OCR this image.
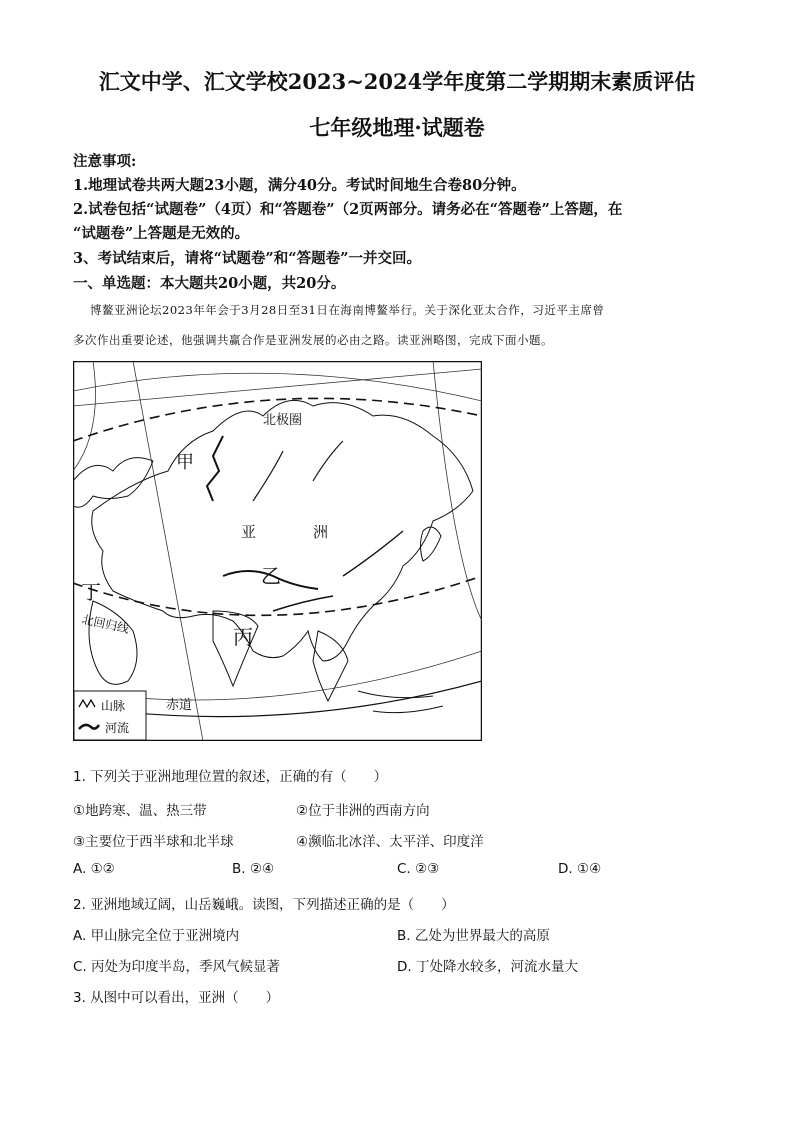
汇文中学、汇文学校2023~2024学年度第二学期期末素质评估
七年级地理·试题卷
注意事项:
1.地理试卷共两大题23小题，满分40分。考试时间地生合卷80分钟。
2.试卷包括“试题卷”（4页）和“答题卷”（2页两部分。请务必在“答题卷”上答题，在
“试题卷”上答题是无效的。
3、考试结束后，请将“试题卷”和“答题卷”一并交回。
一、单选题：本大题共20小题，共20分。
博鳌亚洲论坛2023年年会于3月28日至31日在海南博鳌举行。关于深化亚太合作，习近平主席曾
多次作出重要论述，他强调共赢合作是亚洲发展的必由之路。读亚洲略图，完成下面小题。
北极圈
甲
亚	洲
乙
丁
北回归线
丙
赤道
山脉
河流
1. 下列关于亚洲地理位置的叙述，正确的有（　　）
①地跨寒、温、热三带	②位于非洲的西南方向
③主要位于西半球和北半球	④濒临北冰洋、太平洋、印度洋
A. ①②	B. ②④	C. ②③	D. ①④
2. 亚洲地域辽阔，山岳巍峨。读图，下列描述正确的是（　　）
A. 甲山脉完全位于亚洲境内	B. 乙处为世界最大的高原
C. 丙处为印度半岛，季风气候显著	D. 丁处降水较多，河流水量大
3. 从图中可以看出，亚洲（　　）
